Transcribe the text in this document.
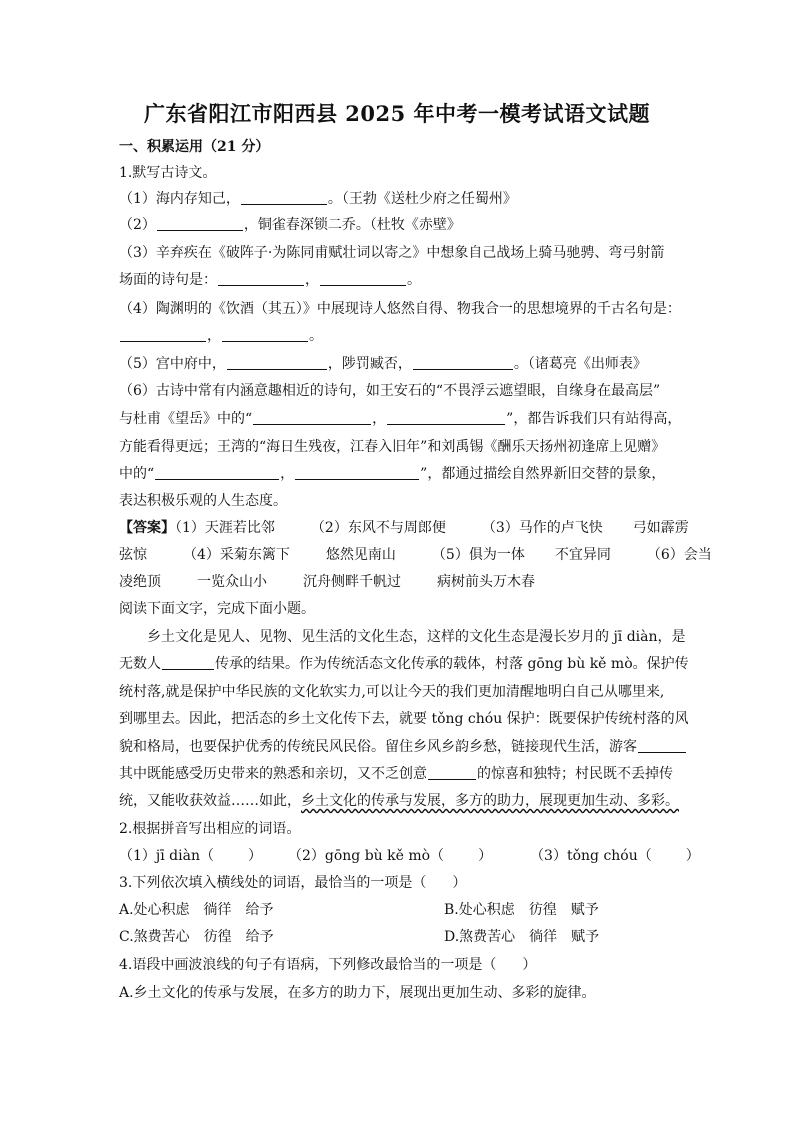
广东省阳江市阳西县 2025 年中考一模考试语文试题
一、积累运用（21 分）
1.默写古诗文。
（1）海内存知己，	。（王勃《送杜少府之任蜀州》
（2）	，铜雀春深锁二乔。（杜牧《赤壁》
（3）辛弃疾在《破阵子·为陈同甫赋壮词以寄之》中想象自己战场上骑马驰骋、弯弓射箭
场面的诗句是：	，	。
（4）陶渊明的《饮酒（其五）》中展现诗人悠然自得、物我合一的思想境界的千古名句是：
，	。
（5）宫中府中，	，陟罚臧否，	。（诸葛亮《出师表》
（6）古诗中常有内涵意趣相近的诗句，如王安石的“不畏浮云遮望眼，自缘身在最高层”
与杜甫《望岳》中的“	，	”，都告诉我们只有站得高，
方能看得更远；王湾的“海日生残夜，江春入旧年”和刘禹锡《酬乐天扬州初逢席上见赠》
中的“	，	”，都通过描绘自然界新旧交替的景象，
表达积极乐观的人生态度。
【答案】（1）天涯若比邻	（2）东风不与周郎便	（3）马作的卢飞快 弓如霹雳
弦惊	（4）采菊东篱下	悠然见南山	（5）俱为一体 不宜异同	（6）会当
凌绝顶	一览众山小	沉舟侧畔千帆过	病树前头万木春
阅读下面文字，完成下面小题。
乡土文化是见人、见物、见生活的文化生态，这样的文化生态是漫长岁月的 jī diàn，是
无数人	传承的结果。作为传统活态文化传承的载体，村落 gōng bù kě mò。保护传
统村落,就是保护中华民族的文化软实力,可以让今天的我们更加清醒地明白自己从哪里来,
到哪里去。因此，把活态的乡土文化传下去，就要 tǒng chóu 保护：既要保护传统村落的风
貌和格局，也要保护优秀的传统民风民俗。留住乡风乡韵乡愁，链接现代生活，游客
其中既能感受历史带来的熟悉和亲切，又不乏创意	的惊喜和独特；村民既不丢掉传
统，又能收获效益……如此，乡土文化的传承与发展，多方的助力，展现更加生动、多彩。
2.根据拼音写出相应的词语。
（1）jī diàn（ ） （2）gōng bù kě mò（ ）	（3）tǒng chóu（ ）
3.下列依次填入横线处的词语，最恰当的一项是（ ）
A.处心积虑　徜徉　给予	B.处心积虑　彷徨　赋予
C.煞费苦心　彷徨　给予	D.煞费苦心　徜徉　赋予
4.语段中画波浪线的句子有语病，下列修改最恰当的一项是（ ）
A.乡土文化的传承与发展，在多方的助力下，展现出更加生动、多彩的旋律。
